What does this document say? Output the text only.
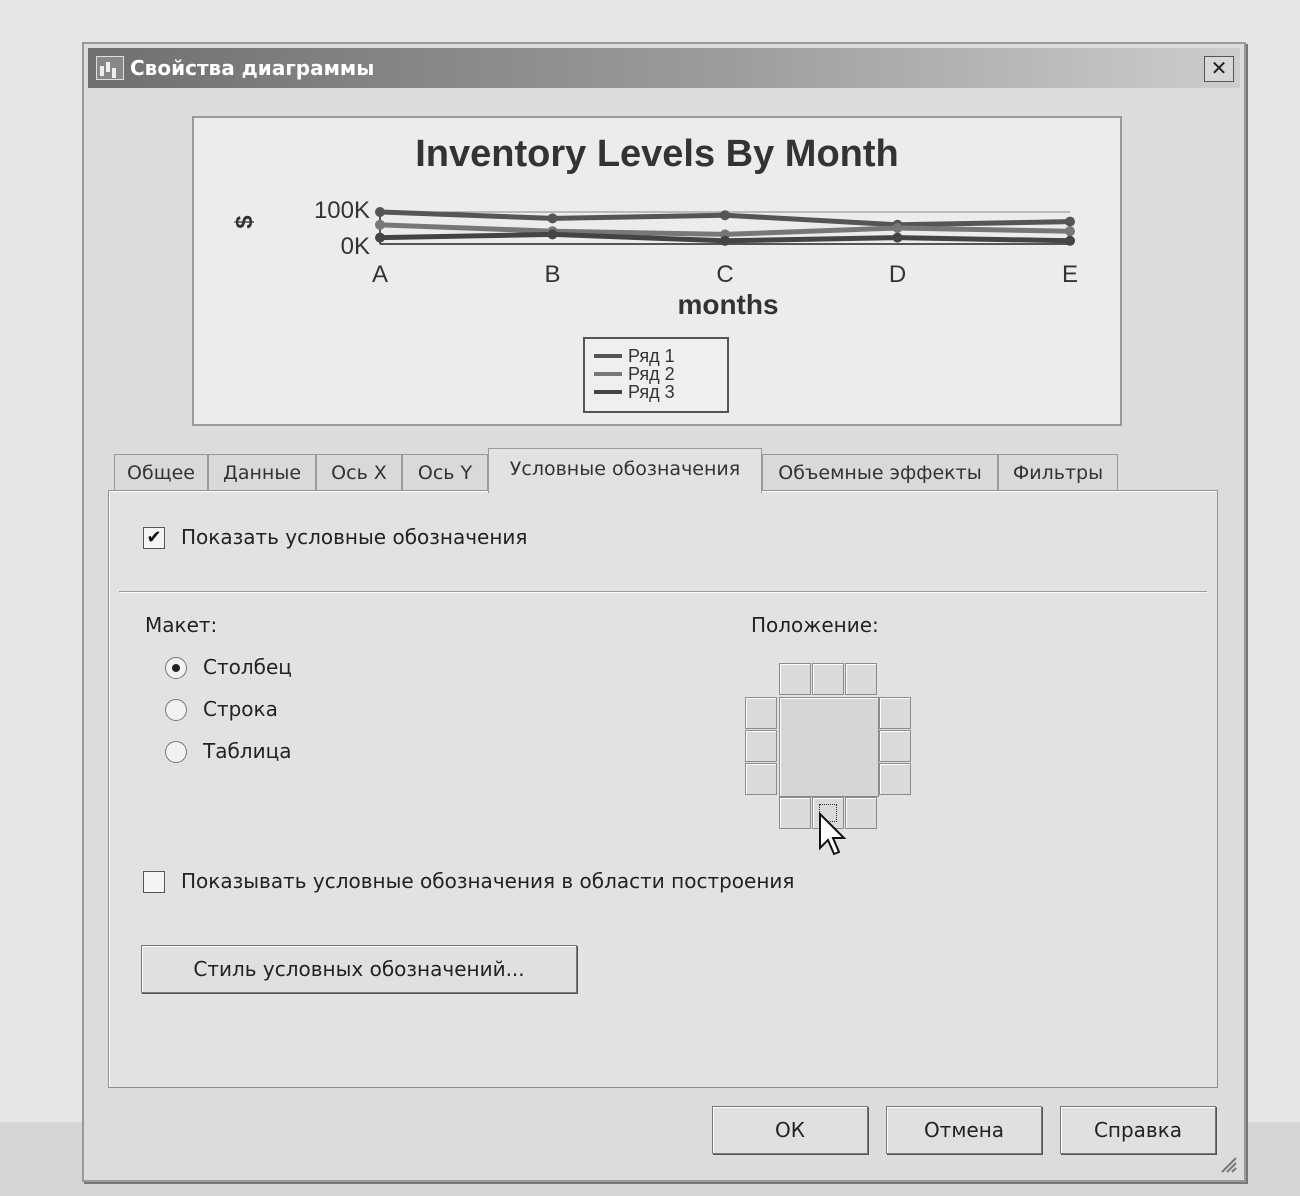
Свойства диаграммы	✕
Inventory Levels By Month
$ 100K
0K
A	B	C	D	E
months
Ряд 1
Ряд 2
Ряд 3
Общее	Данные	Ось X	Ось Y	Условные обозначения	Объемные эффекты	Фильтры
✔ Показать условные обозначения
Макет:
Столбец
Строка
Таблица
Положение:
Показывать условные обозначения в области построения
Стиль условных обозначений...
ОК	Отмена	Справка
